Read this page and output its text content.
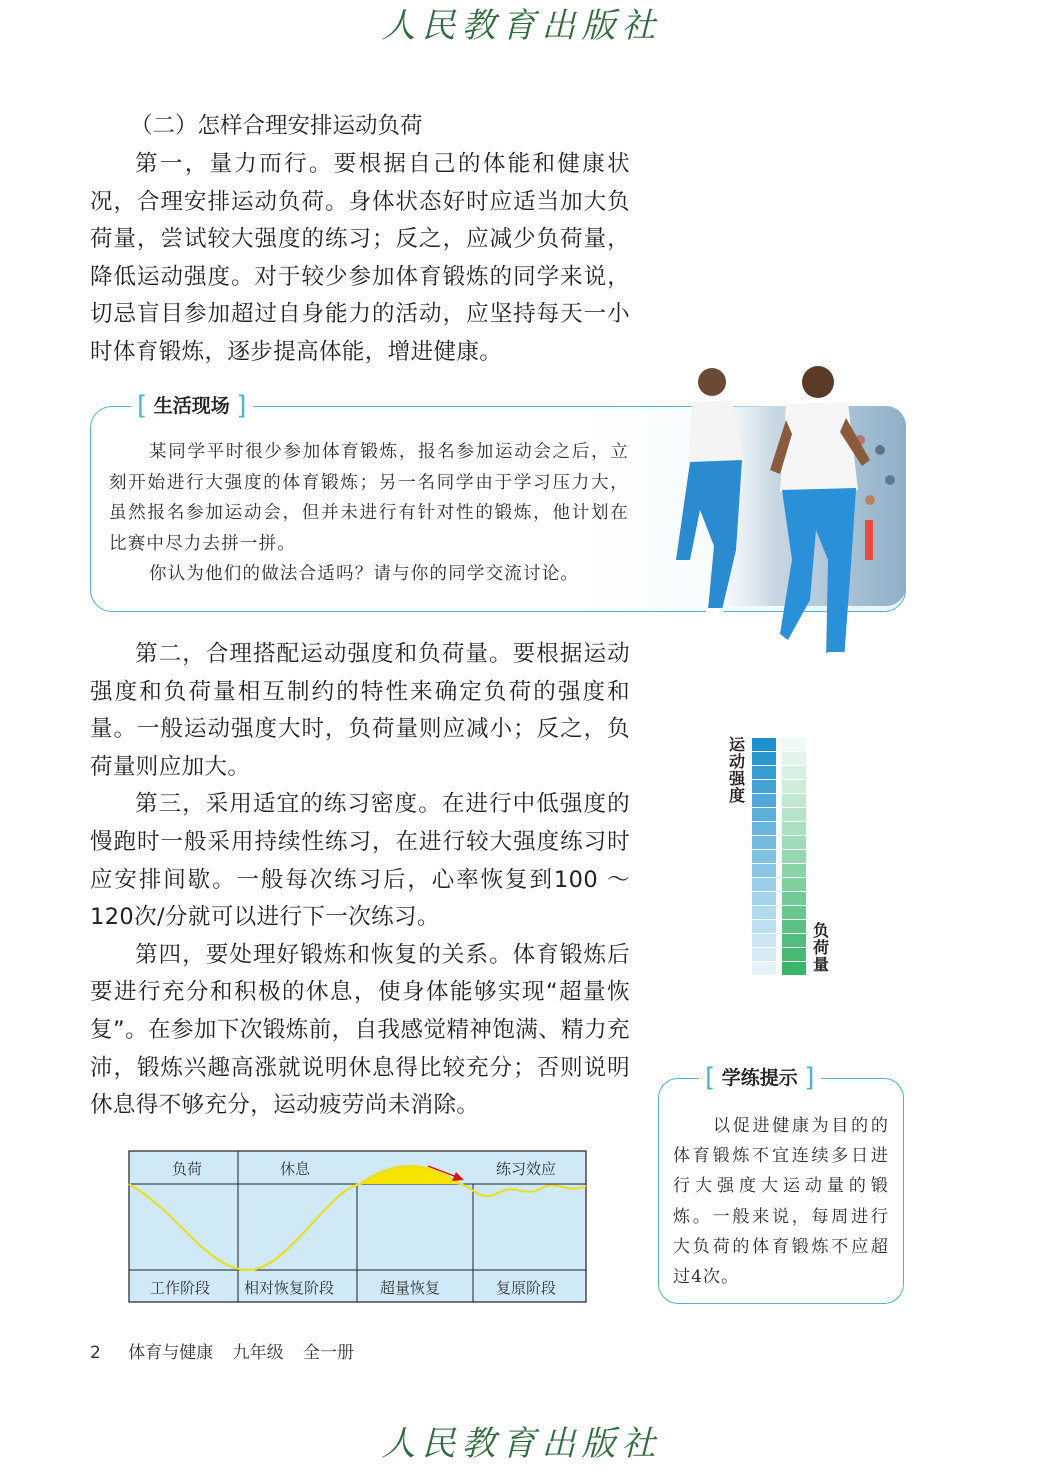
人民教育出版社
（二）怎样合理安排运动负荷

第一，量力而行。要根据自己的体能和健康状况，合理安排运动负荷。身体状态好时应适当加大负荷量，尝试较大强度的练习；反之，应减少负荷量，降低运动强度。对于较少参加体育锻炼的同学来说，切忌盲目参加超过自身能力的活动，应坚持每天一小时体育锻炼，逐步提高体能，增进健康。

[ 生活现场 ]

某同学平时很少参加体育锻炼，报名参加运动会之后，立刻开始进行大强度的体育锻炼；另一名同学由于学习压力大，虽然报名参加运动会，但并未进行有针对性的锻炼，他计划在比赛中尽力去拼一拼。

你认为他们的做法合适吗？请与你的同学交流讨论。

第二，合理搭配运动强度和负荷量。要根据运动强度和负荷量相互制约的特性来确定负荷的强度和量。一般运动强度大时，负荷量则应减小；反之，负荷量则应加大。

第三，采用适宜的练习密度。在进行中低强度的慢跑时一般采用持续性练习，在进行较大强度练习时应安排间歇。一般每次练习后，心率恢复到100 ～ 120次/分就可以进行下一次练习。

第四，要处理好锻炼和恢复的关系。体育锻炼后要进行充分和积极的休息，使身体能够实现“超量恢复”。在参加下次锻炼前，自我感觉精神饱满、精力充沛，锻炼兴趣高涨就说明休息得比较充分；否则说明休息得不够充分，运动疲劳尚未消除。

运动强度
负荷量
[ 学练提示 ]

以促进健康为目的的体育锻炼不宜连续多日进行大强度大运动量的锻炼。一般来说，每周进行大负荷的体育锻炼不应超过4次。

负荷	休息	练习效应
工作阶段 相对恢复阶段	超量恢复	复原阶段
2 体育与健康 九年级 全一册
人民教育出版社
